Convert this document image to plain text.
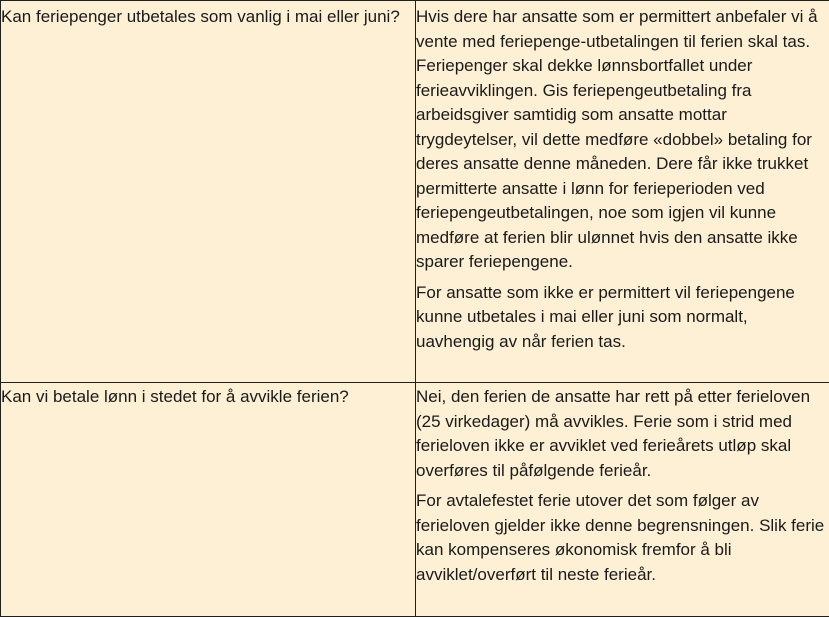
Kan feriepenger utbetales som vanlig i mai eller juni?	Hvis dere har ansatte som er permittert anbefaler vi å vente med feriepenge-utbetalingen til ferien skal tas. Feriepenger skal dekke lønnsbortfallet under ferieavviklingen. Gis feriepengeutbetaling fra arbeidsgiver samtidig som ansatte mottar trygdeytelser, vil dette medføre «dobbel» betaling for deres ansatte denne måneden. Dere får ikke trukket permitterte ansatte i lønn for ferieperioden ved feriepengeutbetalingen, noe som igjen vil kunne medføre at ferien blir ulønnet hvis den ansatte ikke sparer feriepengene.

For ansatte som ikke er permittert vil feriepengene kunne utbetales i mai eller juni som normalt, uavhengig av når ferien tas.

Kan vi betale lønn i stedet for å avvikle ferien?	Nei, den ferien de ansatte har rett på etter ferieloven (25 virkedager) må avvikles. Ferie som i strid med ferieloven ikke er avviklet ved ferieårets utløp skal overføres til påfølgende ferieår.

For avtalefestet ferie utover det som følger av ferieloven gjelder ikke denne begrensningen. Slik ferie kan kompenseres økonomisk fremfor å bli avviklet/overført til neste ferieår.
